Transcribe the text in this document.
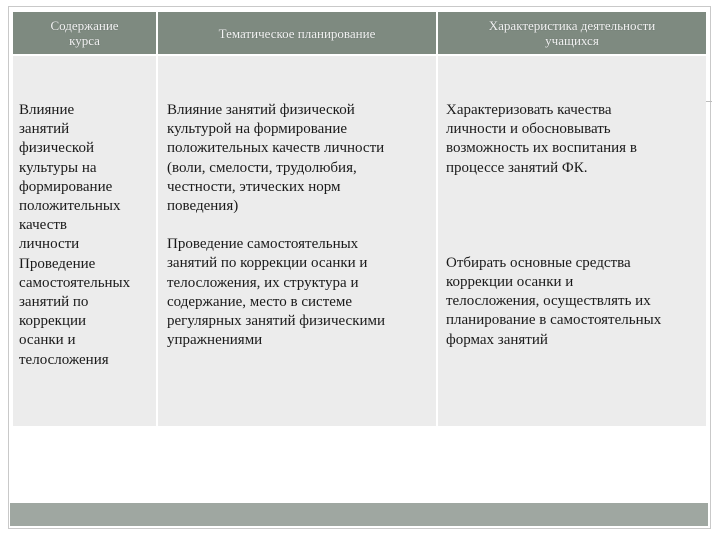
Содержание
курса	Тематическое планирование	Характеристика деятельности
учащихся

Влияние
занятий
физической
культуры на
формирование
положительных
качеств
личности

Проведение
самостоятельных
занятий по
коррекции
осанки и
телосложения

Влияние занятий физической
культурой на формирование
положительных качеств личности
(воли, смелости, трудолюбия,
честности, этических норм
поведения)

Проведение самостоятельных
занятий по коррекции осанки и
телосложения, их структура и
содержание, место в системе
регулярных занятий физическими
упражнениями

Характеризовать качества
личности и обосновывать
возможность их воспитания в
процессе занятий ФК.

Отбирать основные средства
коррекции осанки и
телосложения, осуществлять их
планирование в самостоятельных
формах занятий
